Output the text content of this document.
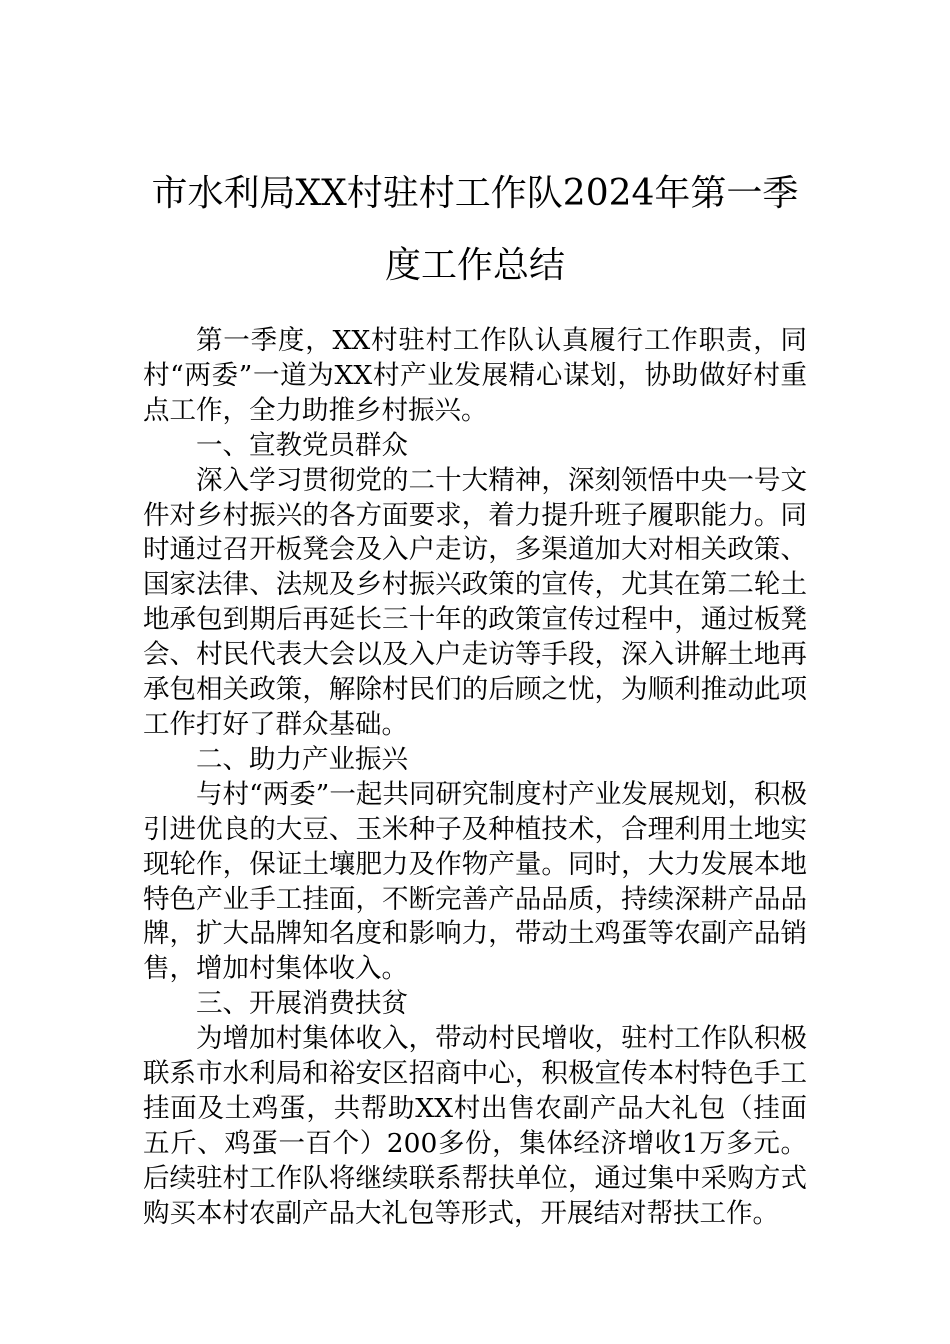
市水利局XX村驻村工作队2024年第一季
度工作总结

第一季度，XX村驻村工作队认真履行工作职责，同村“两委”一道为XX村产业发展精心谋划，协助做好村重点工作，全力助推乡村振兴。

一、宣教党员群众

深入学习贯彻党的二十大精神，深刻领悟中央一号文件对乡村振兴的各方面要求，着力提升班子履职能力。同时通过召开板凳会及入户走访，多渠道加大对相关政策、国家法律、法规及乡村振兴政策的宣传，尤其在第二轮土地承包到期后再延长三十年的政策宣传过程中，通过板凳会、村民代表大会以及入户走访等手段，深入讲解土地再承包相关政策，解除村民们的后顾之忧，为顺利推动此项工作打好了群众基础。

二、助力产业振兴

与村“两委”一起共同研究制度村产业发展规划，积极引进优良的大豆、玉米种子及种植技术，合理利用土地实现轮作，保证土壤肥力及作物产量。同时，大力发展本地特色产业手工挂面，不断完善产品品质，持续深耕产品品牌，扩大品牌知名度和影响力，带动土鸡蛋等农副产品销售，增加村集体收入。

三、开展消费扶贫

为增加村集体收入，带动村民增收，驻村工作队积极联系市水利局和裕安区招商中心，积极宣传本村特色手工挂面及土鸡蛋，共帮助XX村出售农副产品大礼包（挂面五斤、鸡蛋一百个）200多份，集体经济增收1万多元。后续驻村工作队将继续联系帮扶单位，通过集中采购方式购买本村农副产品大礼包等形式，开展结对帮扶工作。
